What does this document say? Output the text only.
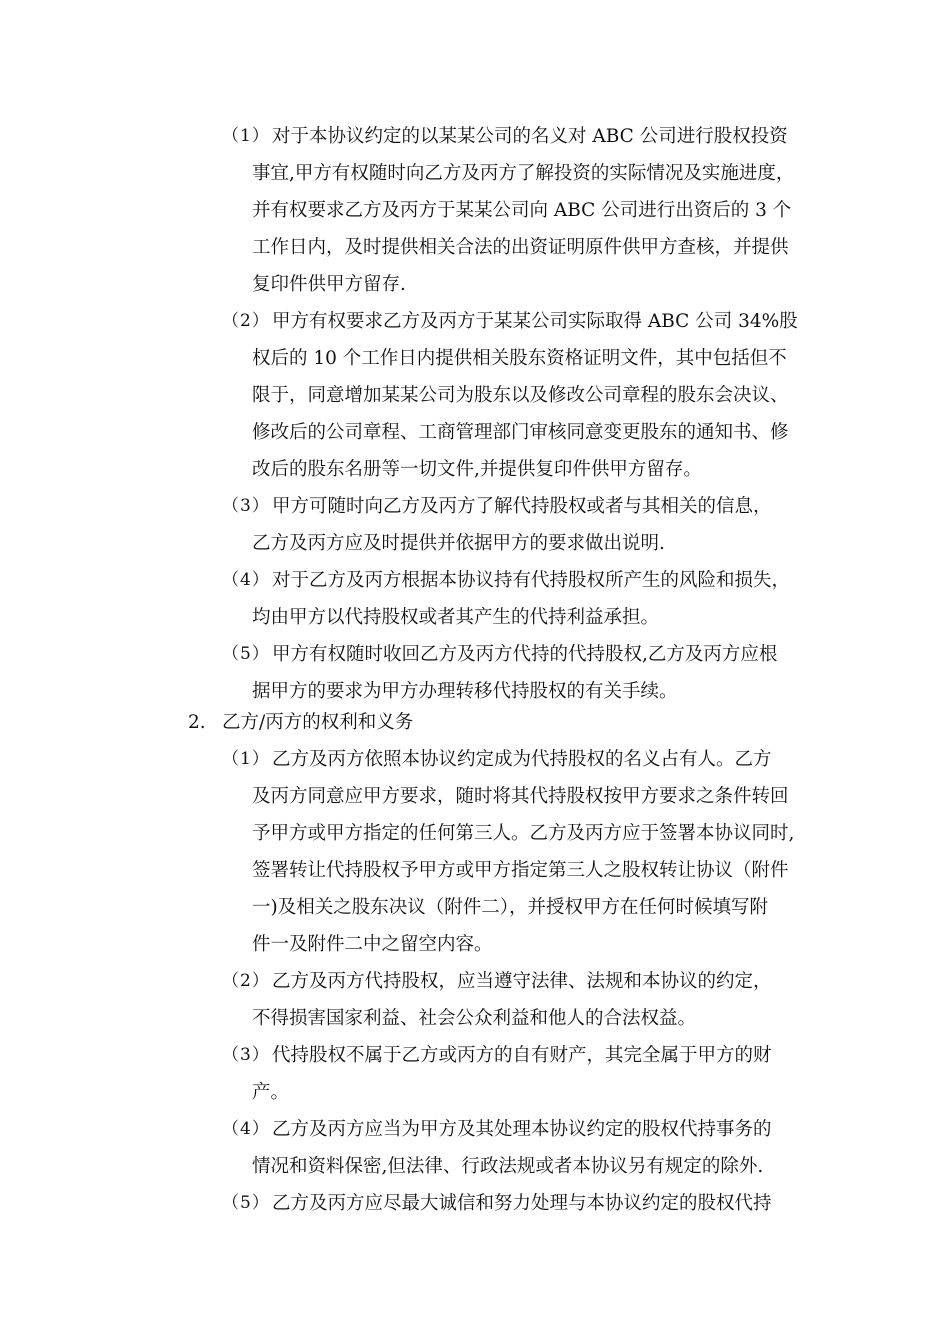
（1） 对于本协议约定的以某某公司的名义对 ABC 公司进行股权投资
事宜,甲方有权随时向乙方及丙方了解投资的实际情况及实施进度，
并有权要求乙方及丙方于某某公司向 ABC 公司进行出资后的 3 个
工作日内，及时提供相关合法的出资证明原件供甲方查核，并提供
复印件供甲方留存.
（2） 甲方有权要求乙方及丙方于某某公司实际取得 ABC 公司 34%股
权后的 10 个工作日内提供相关股东资格证明文件，其中包括但不
限于，同意增加某某公司为股东以及修改公司章程的股东会决议、
修改后的公司章程、工商管理部门审核同意变更股东的通知书、修
改后的股东名册等一切文件,并提供复印件供甲方留存。
（3） 甲方可随时向乙方及丙方了解代持股权或者与其相关的信息，
乙方及丙方应及时提供并依据甲方的要求做出说明.
（4） 对于乙方及丙方根据本协议持有代持股权所产生的风险和损失，
均由甲方以代持股权或者其产生的代持利益承担。
（5） 甲方有权随时收回乙方及丙方代持的代持股权,乙方及丙方应根
据甲方的要求为甲方办理转移代持股权的有关手续。
2. 乙方/丙方的权利和义务
（1） 乙方及丙方依照本协议约定成为代持股权的名义占有人。乙方
及丙方同意应甲方要求，随时将其代持股权按甲方要求之条件转回
予甲方或甲方指定的任何第三人。乙方及丙方应于签署本协议同时,
签署转让代持股权予甲方或甲方指定第三人之股权转让协议（附件
一)及相关之股东决议（附件二），并授权甲方在任何时候填写附
件一及附件二中之留空内容。
（2） 乙方及丙方代持股权，应当遵守法律、法规和本协议的约定，
不得损害国家利益、社会公众利益和他人的合法权益。
（3） 代持股权不属于乙方或丙方的自有财产，其完全属于甲方的财
产。
（4） 乙方及丙方应当为甲方及其处理本协议约定的股权代持事务的
情况和资料保密,但法律、行政法规或者本协议另有规定的除外.
（5） 乙方及丙方应尽最大诚信和努力处理与本协议约定的股权代持
